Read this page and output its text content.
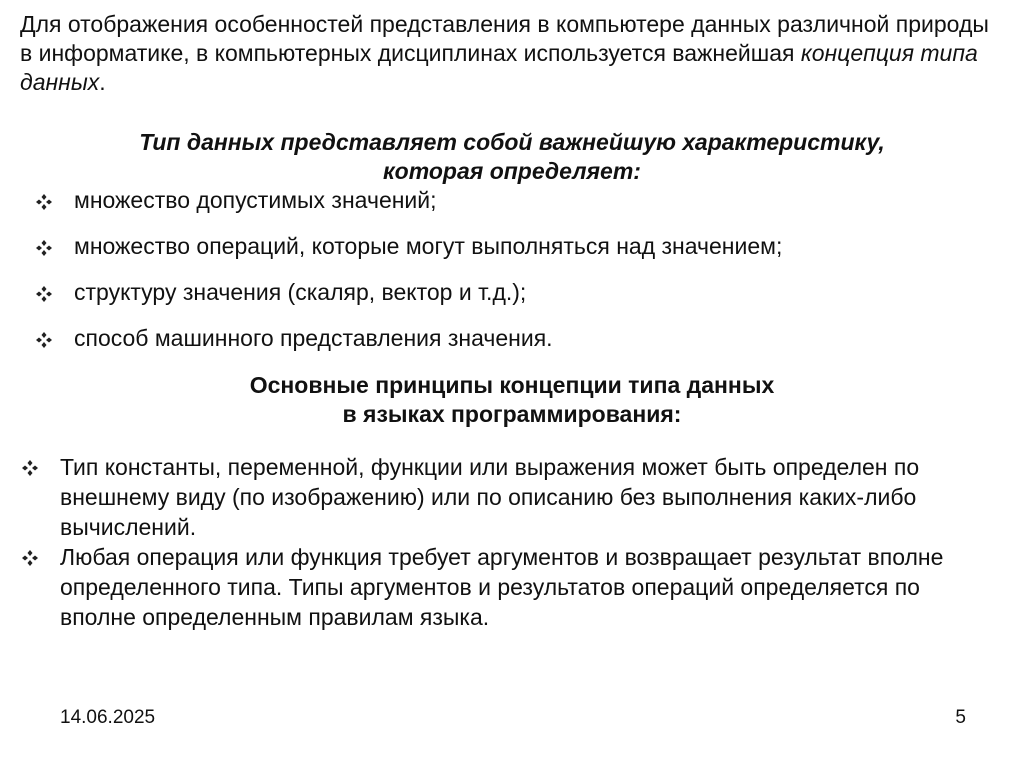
Для отображения особенностей представления в компьютере данных различной природы в информатике, в компьютерных дисциплинах используется важнейшая концепция типа данных.

Тип данных представляет собой важнейшую характеристику,
которая определяет:

множество допустимых значений;
множество операций, которые могут выполняться над значением;
структуру значения (скаляр, вектор и т.д.);
способ машинного представления значения.

Основные принципы концепции типа данных
в языках программирования:

Тип константы, переменной, функции или выражения может быть определен по внешнему виду (по изображению) или по описанию без выполнения каких-либо вычислений.
Любая операция или функция требует аргументов и возвращает результат вполне определенного типа. Типы аргументов и результатов операций определяется по вполне определенным правилам языка.
14.06.2025	5
